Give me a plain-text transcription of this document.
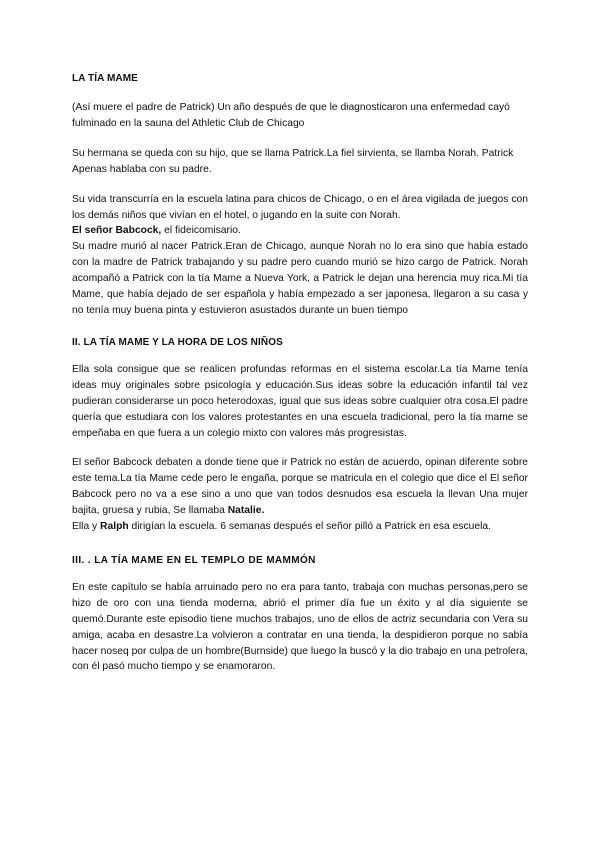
LA TÍA MAME

(Así muere el padre de Patrick) Un año después de que le diagnosticaron una enfermedad cayó fulminado en la sauna del Athletic Club de Chicago

Su hermana se queda con su hijo, que se llama Patrick.La fiel sirvienta, se llamba Norah. Patrick Apenas hablaba con su padre.

Su vida transcurría en la escuela latina para chicos de Chicago, o en el área vigilada de juegos con los demás niños que vivían en el hotel, o jugando en la suite con Norah.

El señor Babcock, el fideicomisario.

Su madre murió al nacer Patrick.Eran de Chicago, aunque Norah no lo era sino que había estado con la madre de Patrick trabajando y su padre pero cuando murió se hizo cargo de Patrick. Norah acompañó a Patrick con la tía Mame a Nueva York, a Patrick le dejan una herencia muy rica.Mi tía Mame, que había dejado de ser española y había empezado a ser japonesa, llegaron a su casa y no tenía muy buena pinta y estuvieron asustados durante un buen tiempo

II. LA TÍA MAME Y LA HORA DE LOS NIÑOS

Ella sola consigue que se realicen profundas reformas en el sistema escolar.La tía Mame tenía ideas muy originales sobre psicología y educación.Sus ideas sobre la educación infantil tal vez pudieran considerarse un poco heterodoxas, igual que sus ideas sobre cualquier otra cosa.El padre quería que estudiara con los valores protestantes en una escuela tradicional, pero la tía mame se empeñaba en que fuera a un colegio mixto con valores más progresistas.

El señor Babcock debaten a donde tiene que ir Patrick no están de acuerdo, opinan diferente sobre este tema.La tía Mame cede pero le engaña, porque se matricula en el colegio que dice el El señor Babcock pero no va a ese sino a uno que van todos desnudos esa escuela la llevan Una mujer bajita, gruesa y rubia, Se llamaba Natalie.

Ella y Ralph dirigían la escuela. 6 semanas después el señor pilló a Patrick en esa escuela.

III. . LA TÍA MAME EN EL TEMPLO DE MAMMÓN

En este capítulo se había arruinado pero no era para tanto, trabaja con muchas personas,pero se hizo de oro con una tienda moderna, abrió el primer día fue un éxito y al día siguiente se quemó.Durante este episodio tiene muchos trabajos, uno de ellos de actriz secundaria con Vera su amiga, acaba en desastre.La volvieron a contratar en una tienda, la despidieron porque no sabía hacer noseq por culpa de un hombre(Burnside) que luego la buscó y la dio trabajo en una petrolera, con él pasó mucho tiempo y se enamoraron.
